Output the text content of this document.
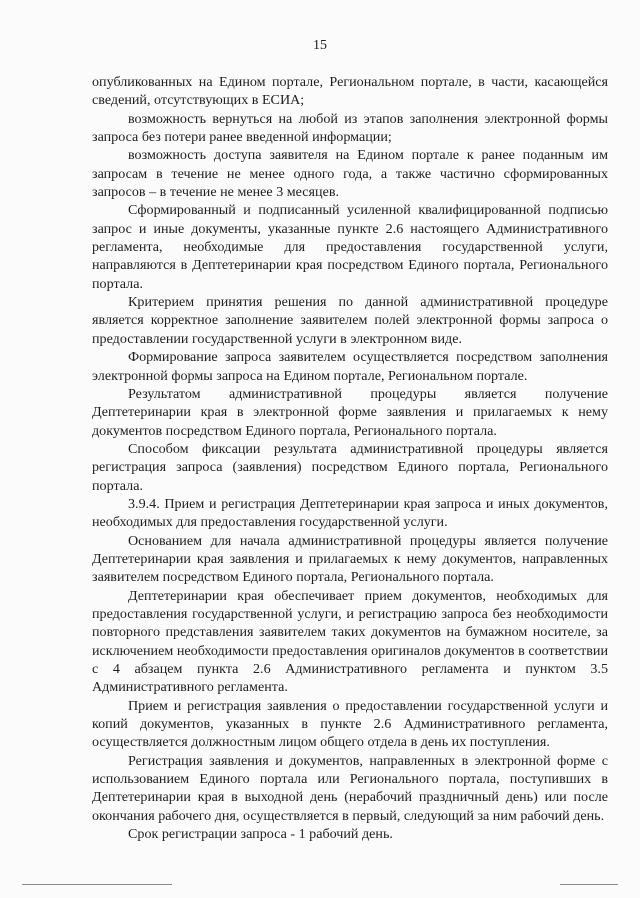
15

опубликованных на Едином портале, Региональном портале, в части, касающейся сведений, отсутствующих в ЕСИА;

возможность вернуться на любой из этапов заполнения электронной формы запроса без потери ранее введенной информации;

возможность доступа заявителя на Едином портале к ранее поданным им запросам в течение не менее одного года, а также частично сформированных запросов – в течение не менее 3 месяцев.

Сформированный и подписанный усиленной квалифицированной подписью запрос и иные документы, указанные пункте 2.6 настоящего Административного регламента, необходимые для предоставления государственной услуги, направляются в Дептетеринарии края посредством Единого портала, Регионального портала.

Критерием принятия решения по данной административной процедуре является корректное заполнение заявителем полей электронной формы запроса о предоставлении государственной услуги в электронном виде.

Формирование запроса заявителем осуществляется посредством заполнения электронной формы запроса на Едином портале, Региональном портале.

Результатом административной процедуры является получение Дептетеринарии края в электронной форме заявления и прилагаемых к нему документов посредством Единого портала, Регионального портала.

Способом фиксации результата административной процедуры является регистрация запроса (заявления) посредством Единого портала, Регионального портала.

3.9.4. Прием и регистрация Дептетеринарии края запроса и иных документов, необходимых для предоставления государственной услуги.

Основанием для начала административной процедуры является получение Дептетеринарии края заявления и прилагаемых к нему документов, направленных заявителем посредством Единого портала, Регионального портала.

Дептетеринарии края обеспечивает прием документов, необходимых для предоставления государственной услуги, и регистрацию запроса без необходимости повторного представления заявителем таких документов на бумажном носителе, за исключением необходимости предоставления оригиналов документов в соответствии с 4 абзацем пункта 2.6 Административного регламента и пунктом 3.5 Административного регламента.

Прием и регистрация заявления о предоставлении государственной услуги и копий документов, указанных в пункте 2.6 Административного регламента, осуществляется должностным лицом общего отдела в день их поступления.

Регистрация заявления и документов, направленных в электронной форме с использованием Единого портала или Регионального портала, поступивших в Дептетеринарии края в выходной день (нерабочий праздничный день) или после окончания рабочего дня, осуществляется в первый, следующий за ним рабочий день.

Срок регистрации запроса - 1 рабочий день.
